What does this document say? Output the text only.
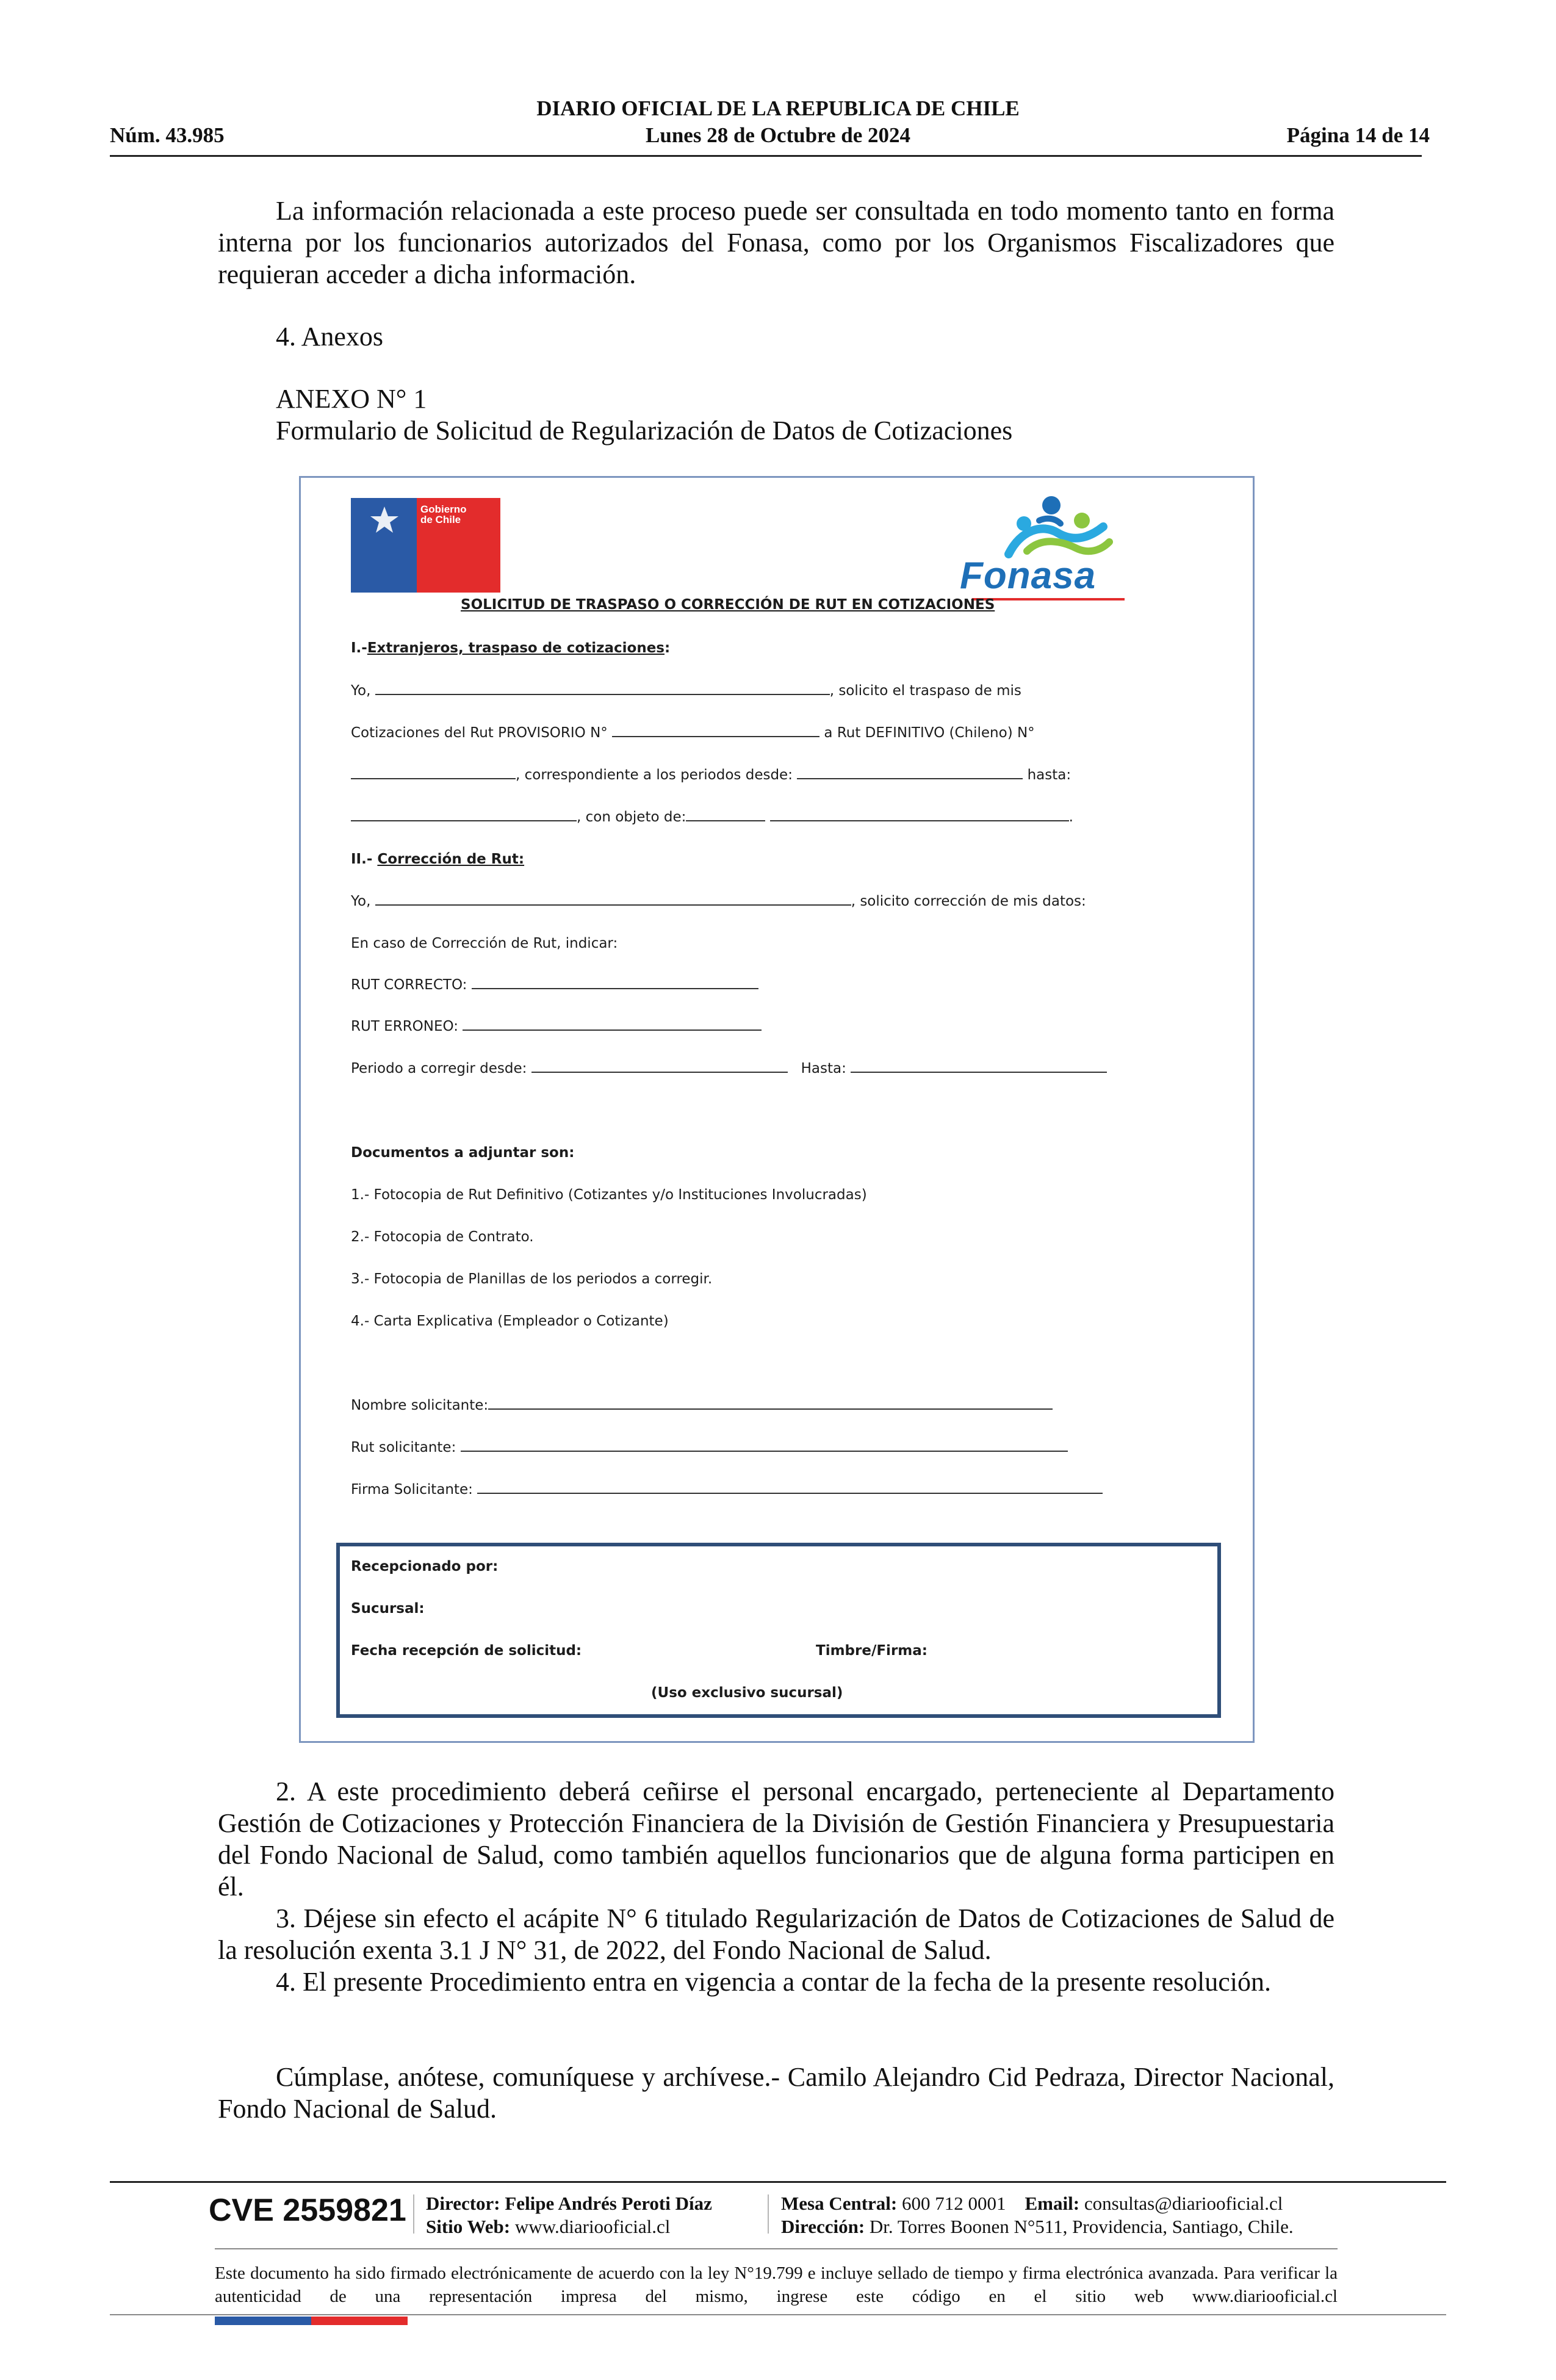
DIARIO OFICIAL DE LA REPUBLICA DE CHILE
Núm. 43.985	Lunes 28 de Octubre de 2024	Página 14 de 14
La información relacionada a este proceso puede ser consultada en todo momento tanto en forma interna por los funcionarios autorizados del Fonasa, como por los Organismos Fiscalizadores que requieran acceder a dicha información.
4. Anexos
ANEXO N° 1
Formulario de Solicitud de Regularización de Datos de Cotizaciones
Gobierno
de Chile
Fonasa
SOLICITUD DE TRASPASO O CORRECCIÓN DE RUT EN COTIZACIONES
I.-Extranjeros, traspaso de cotizaciones:
Yo,	, solicito el traspaso de mis
Cotizaciones del Rut PROVISORIO N°	a Rut DEFINITIVO (Chileno) N°
, correspondiente a los periodos desde:	hasta:
, con objeto de:	.
II.- Corrección de Rut:
Yo,	, solicito corrección de mis datos:
En caso de Corrección de Rut, indicar:
RUT CORRECTO:
RUT ERRONEO:
Periodo a corregir desde:	Hasta:
Documentos a adjuntar son:
1.- Fotocopia de Rut Definitivo (Cotizantes y/o Instituciones Involucradas)
2.- Fotocopia de Contrato.
3.- Fotocopia de Planillas de los periodos a corregir.
4.- Carta Explicativa (Empleador o Cotizante)
Nombre solicitante:
Rut solicitante:
Firma Solicitante:
Recepcionado por:
Sucursal:
Fecha recepción de solicitud:	Timbre/Firma:
(Uso exclusivo sucursal)
2. A este procedimiento deberá ceñirse el personal encargado, perteneciente al Departamento Gestión de Cotizaciones y Protección Financiera de la División de Gestión Financiera y Presupuestaria del Fondo Nacional de Salud, como también aquellos funcionarios que de alguna forma participen en él.
3. Déjese sin efecto el acápite N° 6 titulado Regularización de Datos de Cotizaciones de Salud de la resolución exenta 3.1 J N° 31, de 2022, del Fondo Nacional de Salud.
4. El presente Procedimiento entra en vigencia a contar de la fecha de la presente resolución.
Cúmplase, anótese, comuníquese y archívese.- Camilo Alejandro Cid Pedraza, Director Nacional, Fondo Nacional de Salud.
CVE 2559821 Director: Felipe Andrés Peroti Díaz
Sitio Web: www.diariooficial.cl
Mesa Central: 600 712 0001 Email: consultas@diariooficial.cl
Dirección: Dr. Torres Boonen N°511, Providencia, Santiago, Chile.
Este documento ha sido firmado electrónicamente de acuerdo con la ley N°19.799 e incluye sellado de tiempo y firma electrónica avanzada. Para verificar la autenticidad de una representación impresa del mismo, ingrese este código en el sitio web www.diariooficial.cl
